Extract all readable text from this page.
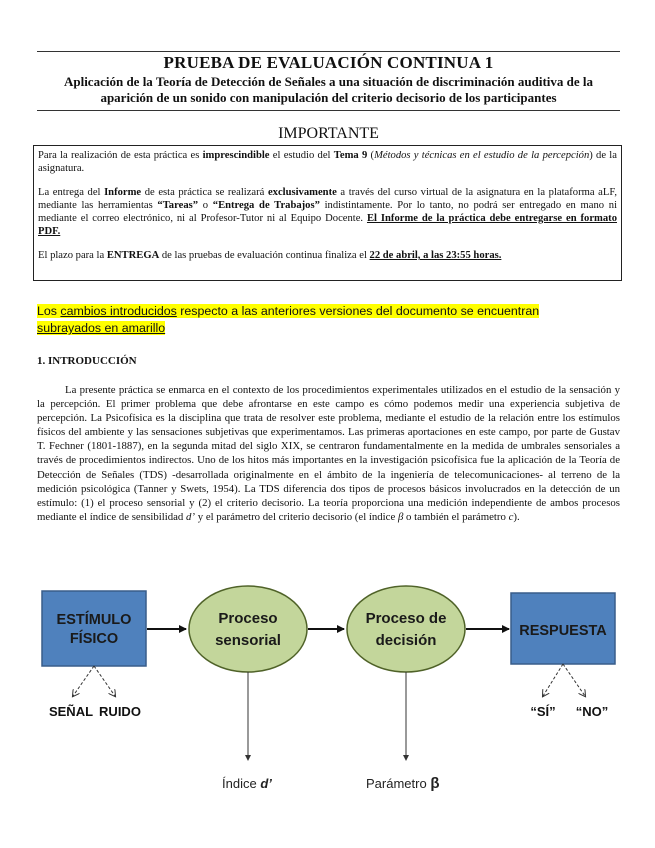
PRUEBA DE EVALUACIÓN CONTINUA 1
Aplicación de la Teoría de Detección de Señales a una situación de discriminación auditiva de la aparición de un sonido con manipulación del criterio decisorio de los participantes
IMPORTANTE

Para la realización de esta práctica es imprescindible el estudio del Tema 9 (Métodos y técnicas en el estudio de la percepción) de la asignatura.

La entrega del Informe de esta práctica se realizará exclusivamente a través del curso virtual de la asignatura en la plataforma aLF, mediante las herramientas “Tareas” o “Entrega de Trabajos” indistintamente. Por lo tanto, no podrá ser entregado en mano ni mediante el correo electrónico, ni al Profesor-Tutor ni al Equipo Docente. El Informe de la práctica debe entregarse en formato PDF.

El plazo para la ENTREGA de las pruebas de evaluación continua finaliza el 22 de abril, a las 23:55 horas.

Los cambios introducidos respecto a las anteriores versiones del documento se encuentran subrayados en amarillo
1. INTRODUCCIÓN

La presente práctica se enmarca en el contexto de los procedimientos experimentales utilizados en el estudio de la sensación y la percepción. El primer problema que debe afrontarse en este campo es cómo podemos medir una experiencia subjetiva de percepción. La Psicofísica es la disciplina que trata de resolver este problema, mediante el estudio de la relación entre los estímulos físicos del ambiente y las sensaciones subjetivas que experimentamos. Las primeras aportaciones en este campo, por parte de Gustav T. Fechner (1801-1887), en la segunda mitad del siglo XIX, se centraron fundamentalmente en la medida de umbrales sensoriales a través de procedimientos indirectos. Uno de los hitos más importantes en la investigación psicofísica fue la aplicación de la Teoría de Detección de Señales (TDS) -desarrollada originalmente en el ámbito de la ingeniería de telecomunicaciones- al terreno de la medición psicológica (Tanner y Swets, 1954). La TDS diferencia dos tipos de procesos básicos involucrados en la detección de un estímulo: (1) el proceso sensorial y (2) el criterio decisorio. La teoría proporciona una medición independiente de ambos procesos mediante el índice de sensibilidad d’ y el parámetro del criterio decisorio (el índice β o también el parámetro c).

ESTÍMULO
FÍSICO
Proceso
sensorial
Proceso de
decisión
RESPUESTA
SEÑAL RUIDO	“SÍ” “NO”
Índice d’	Parámetro β
